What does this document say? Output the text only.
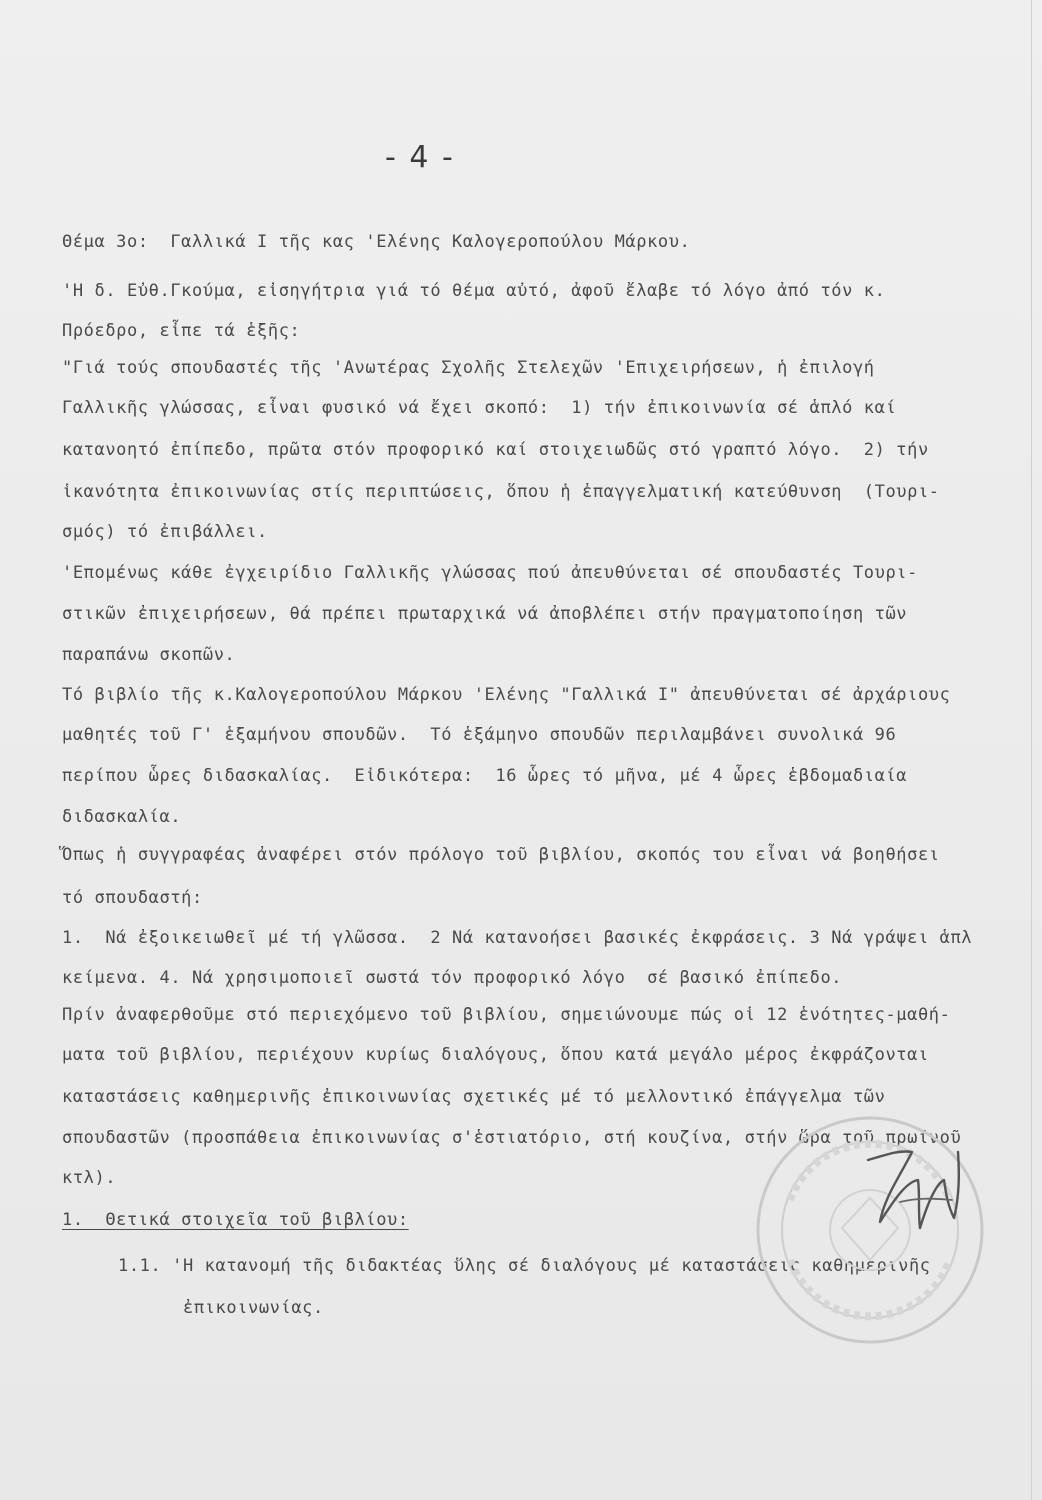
- 4 -
Θέμα 3ο:  Γαλλικά Ι τῆς κας 'Ελένης Καλογεροπούλου Μάρκου.
'Η δ. Εὐθ.Γκούμα, εἰσηγήτρια γιά τό θέμα αὐτό, ἀφοῦ ἔλαβε τό λόγο ἀπό τόν κ.
Πρόεδρο, εἶπε τά ἑξῆς:
"Γιά τούς σπουδαστές τῆς 'Ανωτέρας Σχολῆς Στελεχῶν 'Επιχειρήσεων, ἡ ἐπιλογή
Γαλλικῆς γλώσσας, εἶναι φυσικό νά ἔχει σκοπό:  1) τήν ἐπικοινωνία σέ ἁπλό καί
κατανοητό ἐπίπεδο, πρῶτα στόν προφορικό καί στοιχειωδῶς στό γραπτό λόγο.  2) τήν
ἱκανότητα ἐπικοινωνίας στίς περιπτώσεις, ὅπου ἡ ἐπαγγελματική κατεύθυνση  (Τουρι-
σμός) τό ἐπιβάλλει.
'Επομένως κάθε ἐγχειρίδιο Γαλλικῆς γλώσσας πού ἀπευθύνεται σέ σπουδαστές Τουρι-
στικῶν ἐπιχειρήσεων, θά πρέπει πρωταρχικά νά ἀποβλέπει στήν πραγματοποίηση τῶν
παραπάνω σκοπῶν.
Τό βιβλίο τῆς κ.Καλογεροπούλου Μάρκου 'Ελένης "Γαλλικά Ι" ἀπευθύνεται σέ ἀρχάριους
μαθητές τοῦ Γ' ἑξαμήνου σπουδῶν.  Τό ἑξάμηνο σπουδῶν περιλαμβάνει συνολικά 96
περίπου ὧρες διδασκαλίας.  Εἰδικότερα:  16 ὧρες τό μῆνα, μέ 4 ὧρες ἑβδομαδιαία
διδασκαλία.
Ὅπως ἡ συγγραφέας ἀναφέρει στόν πρόλογο τοῦ βιβλίου, σκοπός του εἶναι νά βοηθήσει
τό σπουδαστή:
1.  Νά ἐξοικειωθεῖ μέ τή γλῶσσα.  2 Νά κατανοήσει βασικές ἐκφράσεις. 3 Νά γράψει ἁπλ
κείμενα. 4. Νά χρησιμοποιεῖ σωστά τόν προφορικό λόγο  σέ βασικό ἐπίπεδο.
Πρίν ἀναφερθοῦμε στό περιεχόμενο τοῦ βιβλίου, σημειώνουμε πώς οἱ 12 ἑνότητες-μαθή-
ματα τοῦ βιβλίου, περιέχουν κυρίως διαλόγους, ὅπου κατά μεγάλο μέρος ἐκφράζονται
καταστάσεις καθημερινῆς ἐπικοινωνίας σχετικές μέ τό μελλοντικό ἐπάγγελμα τῶν
σπουδαστῶν (προσπάθεια ἐπικοινωνίας σ'ἑστιατόριο, στή κουζίνα, στήν ὥρα τοῦ πρωϊνοῦ
κτλ).
1.  Θετικά στοιχεῖα τοῦ βιβλίου:
1.1. 'Η κατανομή τῆς διδακτέας ὕλης σέ διαλόγους μέ καταστάσεις καθημερινῆς
ἐπικοινωνίας.
